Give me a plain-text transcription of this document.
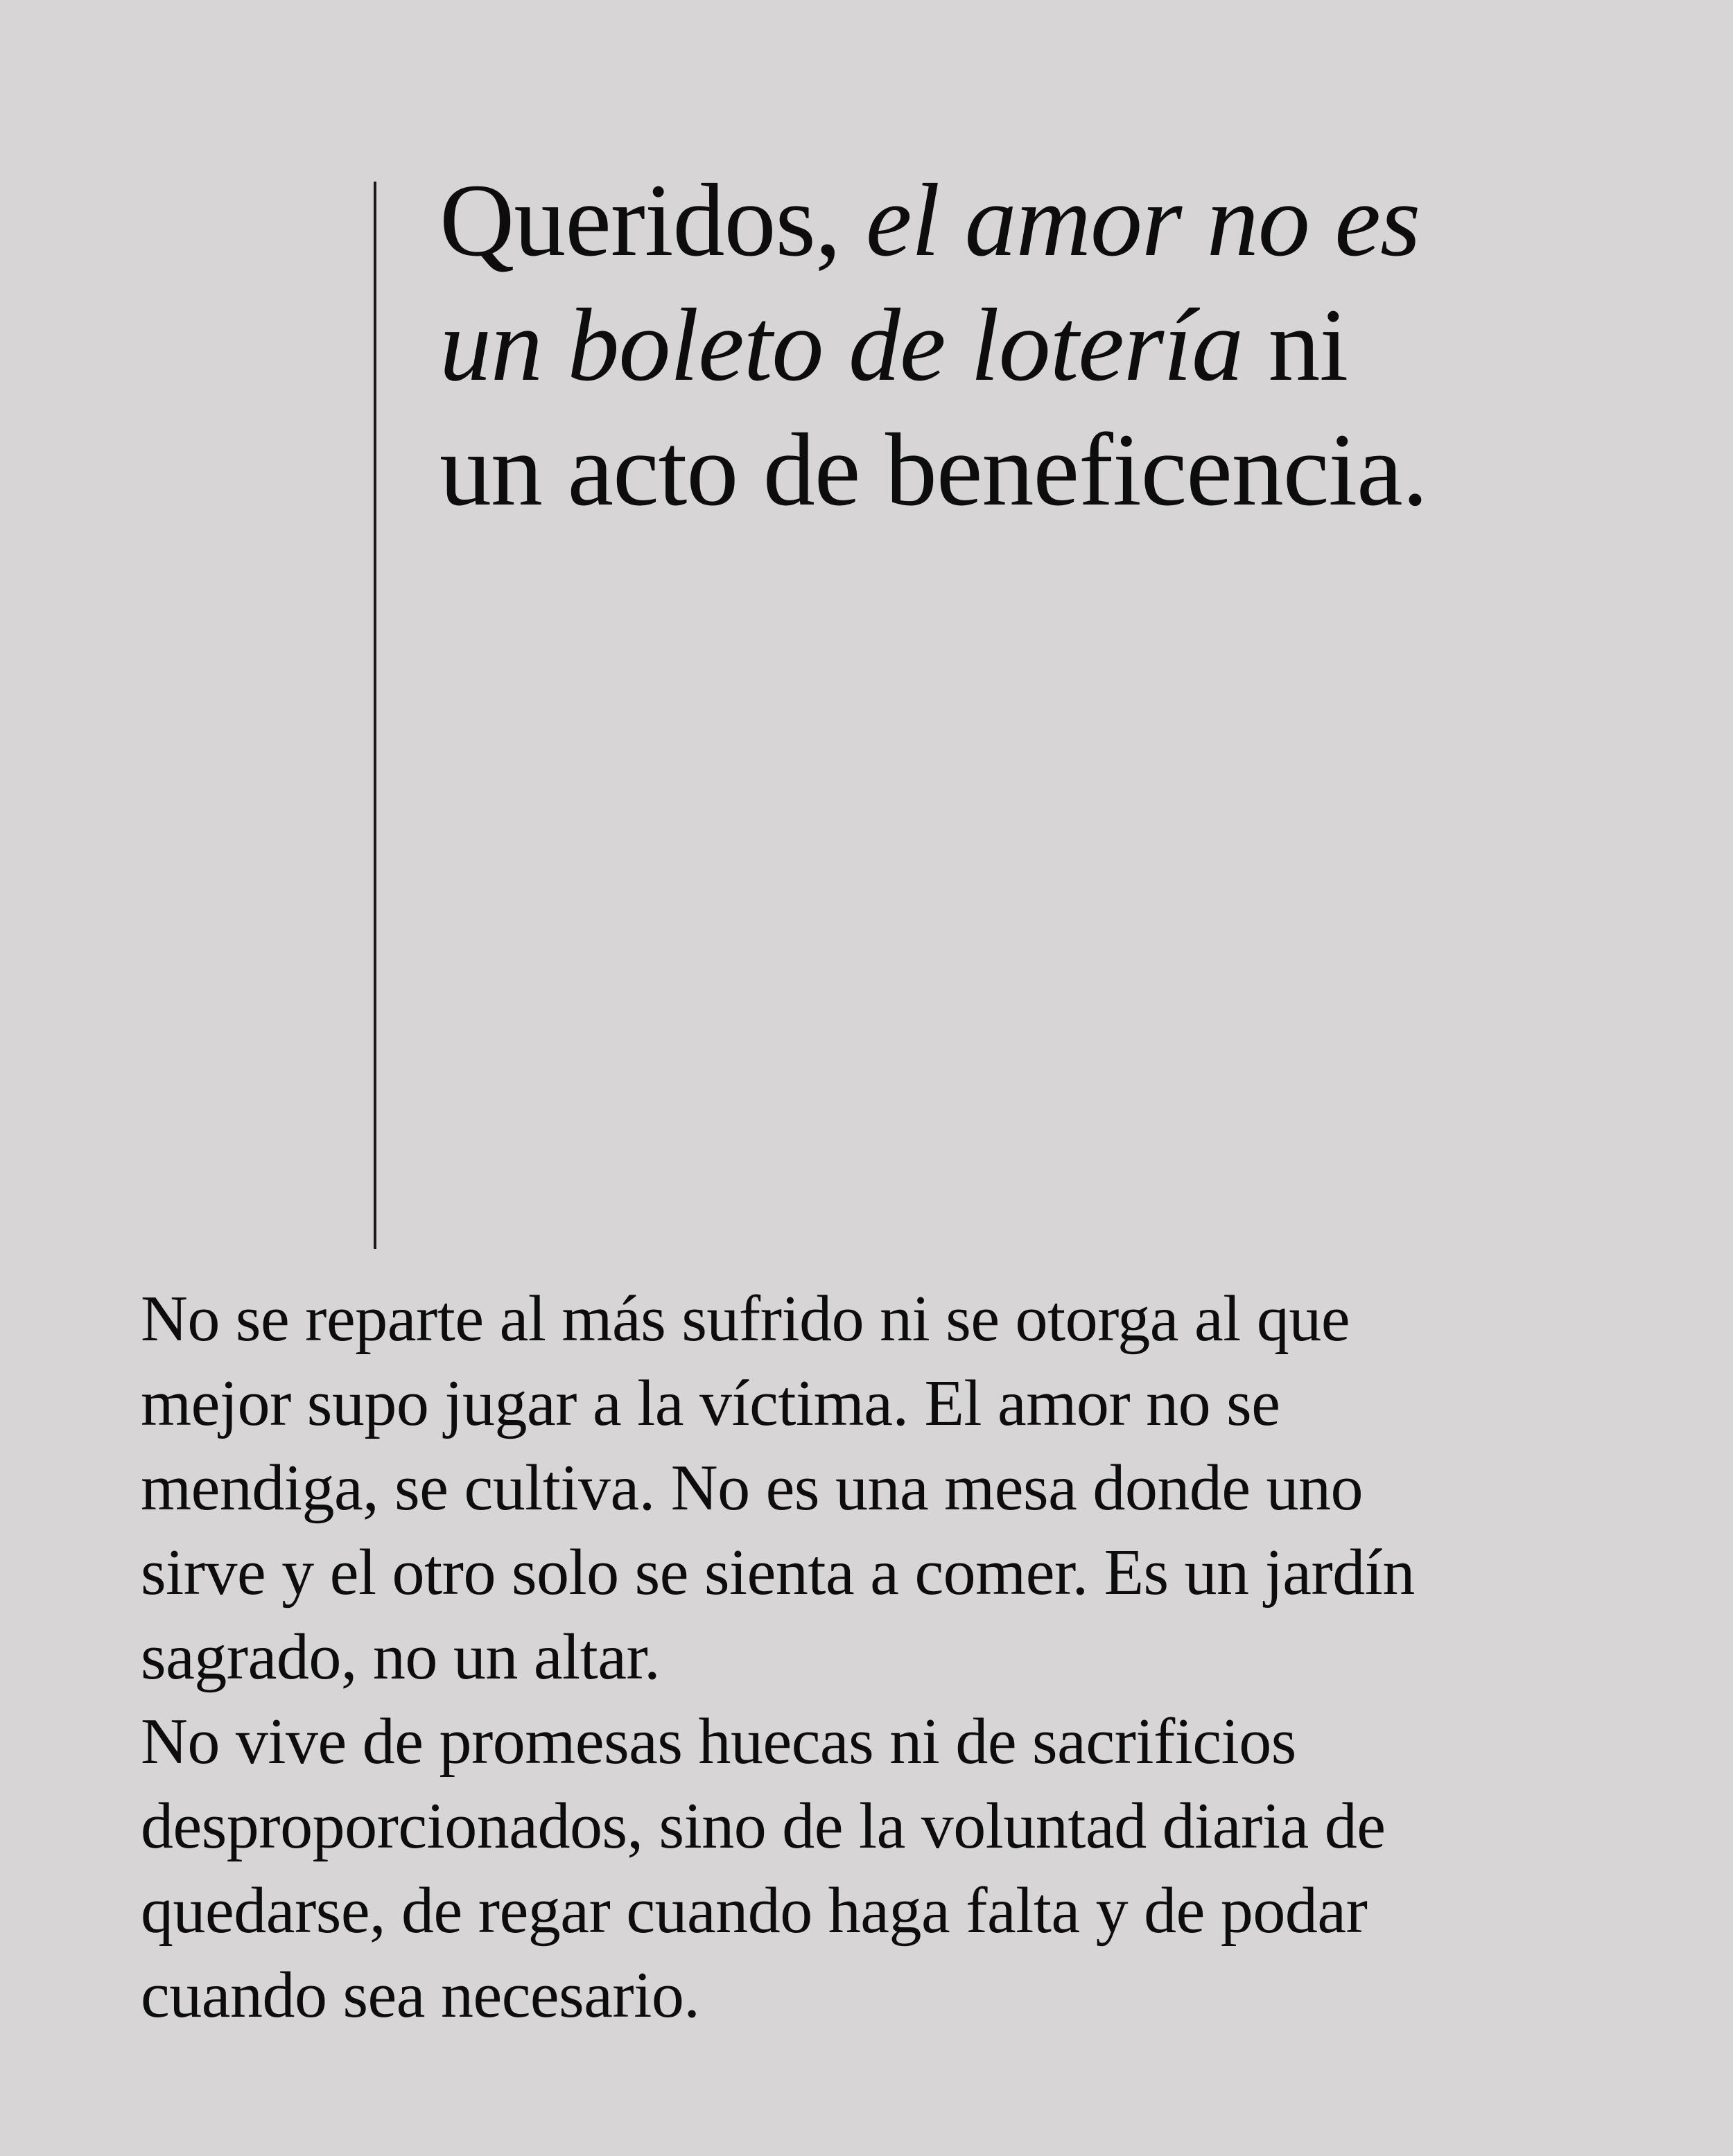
Queridos, el amor no es
un boleto de lotería ni
un acto de beneficencia.

No se reparte al más sufrido ni se otorga al que
mejor supo jugar a la víctima. El amor no se
mendiga, se cultiva. No es una mesa donde uno
sirve y el otro solo se sienta a comer. Es un jardín
sagrado, no un altar.
No vive de promesas huecas ni de sacrificios
desproporcionados, sino de la voluntad diaria de
quedarse, de regar cuando haga falta y de podar
cuando sea necesario.
